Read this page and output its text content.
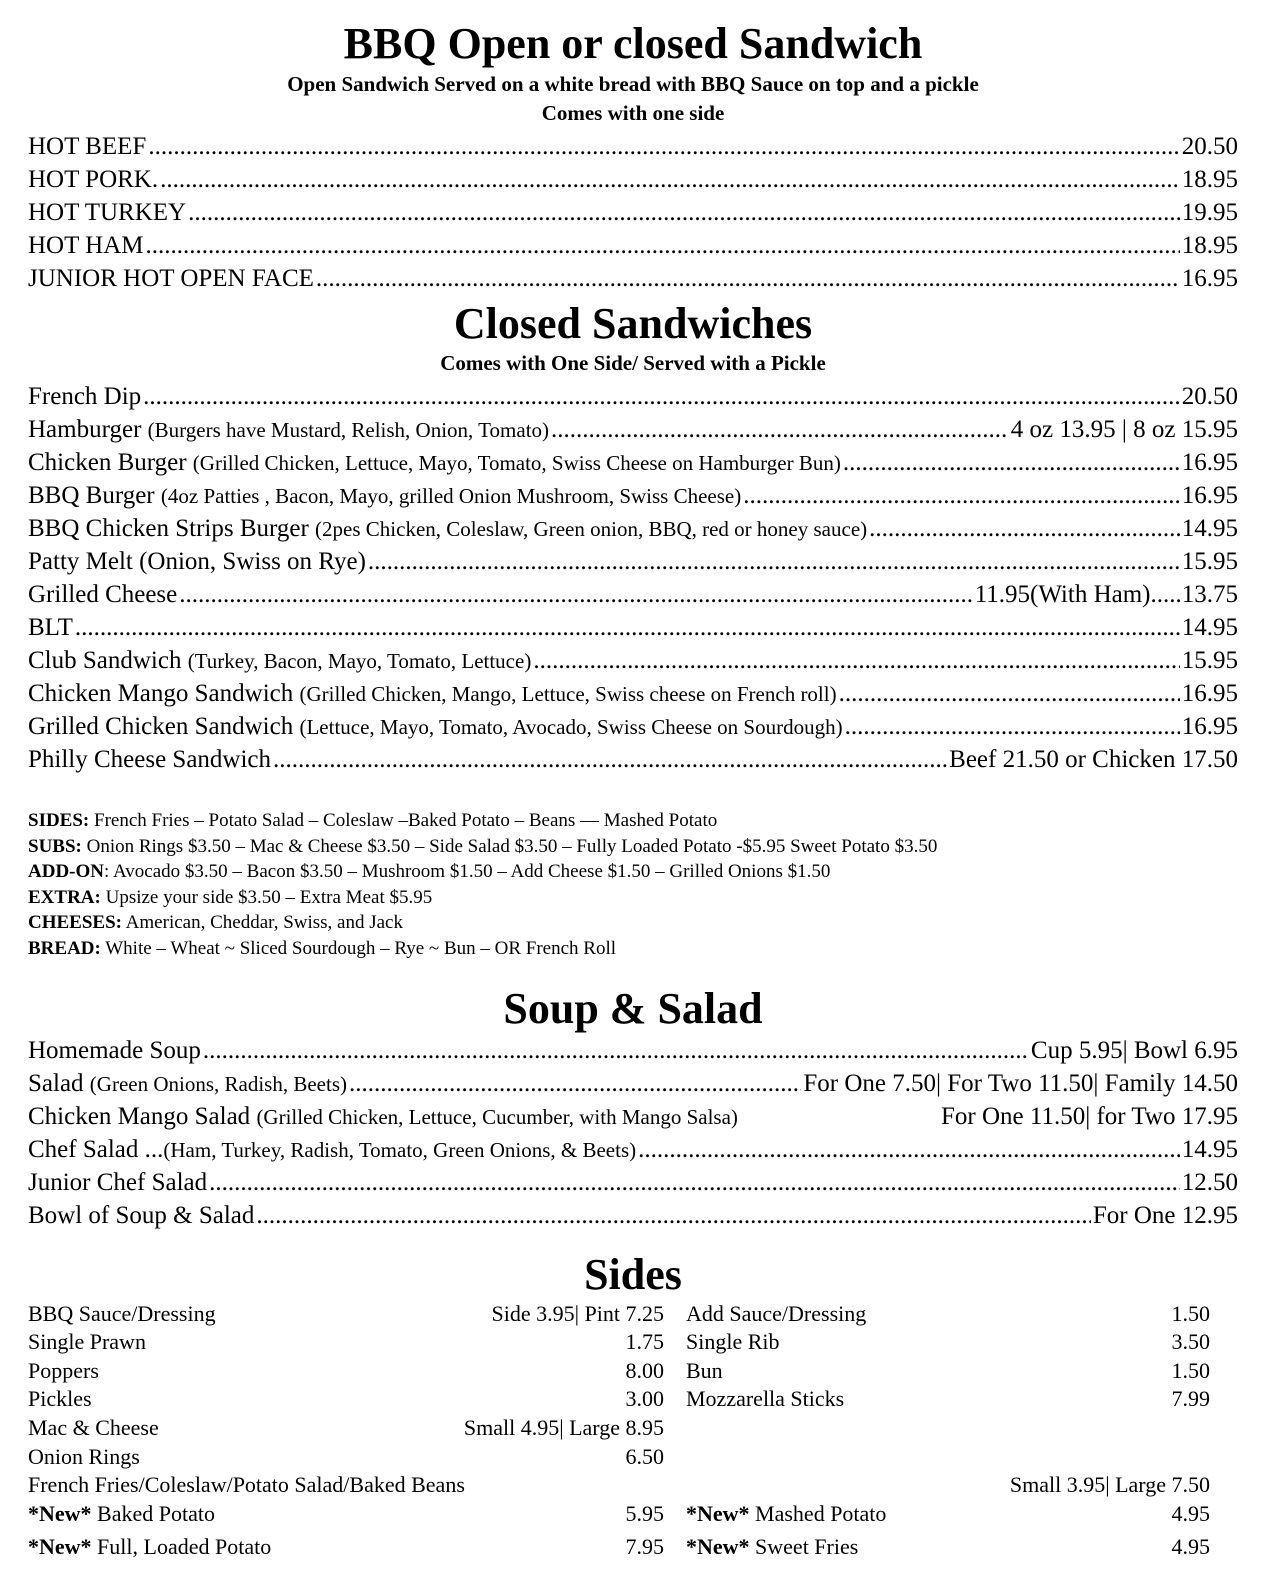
BBQ Open or closed Sandwich

Open Sandwich Served on a white bread with BBQ Sauce on top and a pickle

Comes with one side

HOT BEEF .....	20.50
HOT PORK. .....	18.95
HOT TURKEY .....	19.95
HOT HAM .....	18.95
JUNIOR HOT OPEN FACE .....	16.95
Closed Sandwiches

Comes with One Side/ Served with a Pickle

French Dip .....	20.50
Hamburger (Burgers have Mustard, Relish, Onion, Tomato) .....	4 oz 13.95 | 8 oz 15.95
Chicken Burger (Grilled Chicken, Lettuce, Mayo, Tomato, Swiss Cheese on Hamburger Bun) .....	16.95
BBQ Burger (4oz Patties , Bacon, Mayo, grilled Onion Mushroom, Swiss Cheese) .....	16.95
BBQ Chicken Strips Burger (2pes Chicken, Coleslaw, Green onion, BBQ, red or honey sauce) .....	14.95
Patty Melt (Onion, Swiss on Rye) .....	15.95
Grilled Cheese .....	11.95(With Ham).....13.75
BLT .....	14.95
Club Sandwich (Turkey, Bacon, Mayo, Tomato, Lettuce) .....	15.95
Chicken Mango Sandwich (Grilled Chicken, Mango, Lettuce, Swiss cheese on French roll) .....	16.95
Grilled Chicken Sandwich (Lettuce, Mayo, Tomato, Avocado, Swiss Cheese on Sourdough) .....	16.95
Philly Cheese Sandwich .....	Beef 21.50 or Chicken 17.50
SIDES: French Fries – Potato Salad – Coleslaw –Baked Potato – Beans –– Mashed Potato
SUBS: Onion Rings $3.50 – Mac & Cheese $3.50 – Side Salad $3.50 – Fully Loaded Potato -$5.95 Sweet Potato $3.50
ADD-ON: Avocado $3.50 – Bacon $3.50 – Mushroom $1.50 – Add Cheese $1.50 – Grilled Onions $1.50
EXTRA: Upsize your side $3.50 – Extra Meat $5.95
CHEESES: American, Cheddar, Swiss, and Jack
BREAD: White – Wheat ~ Sliced Sourdough – Rye ~ Bun – OR French Roll
Soup & Salad
Homemade Soup .....	Cup 5.95| Bowl 6.95
Salad (Green Onions, Radish, Beets) .....	For One 7.50| For Two 11.50| Family 14.50
Chicken Mango Salad (Grilled Chicken, Lettuce, Cucumber, with Mango Salsa)	For One 11.50| for Two 17.95
Chef Salad ...(Ham, Turkey, Radish, Tomato, Green Onions, & Beets) .....	14.95
Junior Chef Salad .....	12.50
Bowl of Soup & Salad .....	For One 12.95
Sides
BBQ Sauce/Dressing	Side 3.95| Pint 7.25 Add Sauce/Dressing	1.50
Single Prawn	1.75 Single Rib	3.50
Poppers	8.00 Bun	1.50
Pickles	3.00 Mozzarella Sticks	7.99
Mac & Cheese	Small 4.95| Large 8.95
Onion Rings	6.50
French Fries/Coleslaw/Potato Salad/Baked Beans	Small 3.95| Large 7.50
*New* Baked Potato	5.95 *New* Mashed Potato	4.95
*New* Full, Loaded Potato	7.95 *New* Sweet Fries	4.95
